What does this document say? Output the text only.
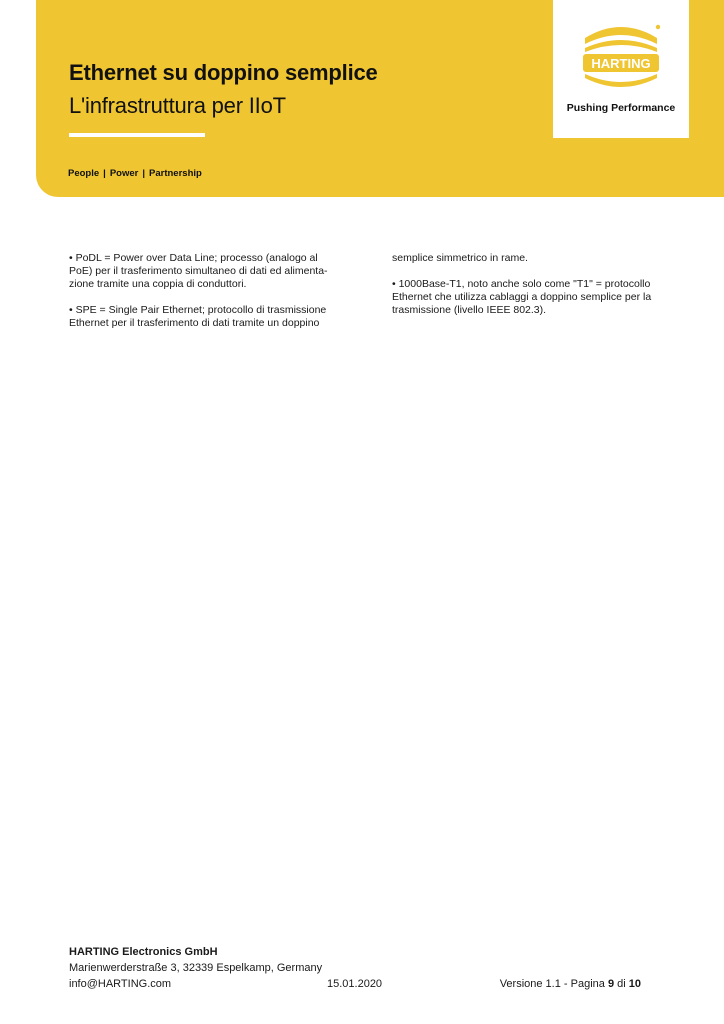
Ethernet su doppino semplice
L'infrastruttura per IIoT
People | Power | Partnership
HARTING
Pushing Performance

• PoDL = Power over Data Line; processo (analogo al PoE) per il trasferimento simultaneo di dati ed alimenta- zione tramite una coppia di conduttori.

• SPE = Single Pair Ethernet; protocollo di trasmissione Ethernet per il trasferimento di dati tramite un doppino

semplice simmetrico in rame.

• 1000Base-T1, noto anche solo come "T1" = protocollo Ethernet che utilizza cablaggi a doppino semplice per la trasmissione (livello IEEE 802.3).

HARTING Electronics GmbH
Marienwerderstraße 3, 32339 Espelkamp, Germany
info@HARTING.com	15.01.2020	Versione 1.1 - Pagina 9 di 10
